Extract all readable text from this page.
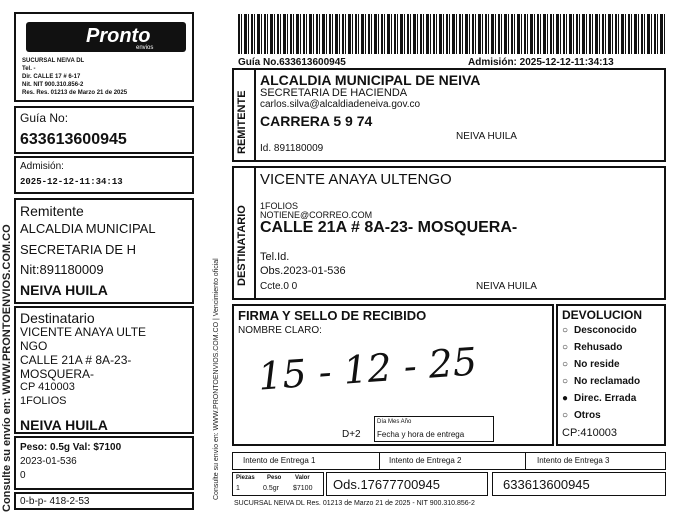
Consulte su envío en: WWW.PRONTOENVIOS.COM.CO
Pronto
envios
SUCURSAL NEIVA DL
Tel. -
Dir. CALLE 17 # 6-17
Nit. NIT 900.310.856-2
Res. Res. 01213 de Marzo 21 de 2025
Guía No:
633613600945
Admisión:
2025-12-12-11:34:13
Remitente
ALCALDIA MUNICIPAL
SECRETARIA DE H
Nit:891180009
NEIVA HUILA
Destinatario
VICENTE ANAYA ULTE
NGO
CALLE 21A # 8A-23-
MOSQUERA-
CP 410003
1FOLIOS
NEIVA HUILA
Peso: 0.5g Val: $7100
2023-01-536
0
0-b-p- 418-2-53
Consulte su envío en: WWW.PRONTOENVIOS.COM.CO | Vencimiento oficial
Guía No.633613600945	Admisión: 2025-12-12-11:34:13
REMITENTE
ALCALDIA MUNICIPAL DE NEIVA
SECRETARIA DE HACIENDA
carlos.silva@alcaldiadeneiva.gov.co
CARRERA 5 9 74
NEIVA HUILA
Id. 891180009
DESTINATARIO
VICENTE ANAYA ULTENGO
1FOLIOS
NOTIENE@CORREO.COM
CALLE 21A # 8A-23- MOSQUERA-
Tel.Id.
Obs.2023-01-536
Ccte.0 0	NEIVA HUILA
FIRMA Y SELLO DE RECIBIDO
NOMBRE CLARO:
15 - 12 - 25
D+2
Día Mes Año
Fecha y hora de entrega
DEVOLUCION
○ Desconocido
○ Rehusado
○ No reside
○ No reclamado
● Direc. Errada
○ Otros
CP:410003
Intento de Entrega 1	Intento de Entrega 2	Intento de Entrega 3
Piezas Peso Valor
1	0.5gr $7100 Ods.17677700945	633613600945
SUCURSAL NEIVA DL Res. 01213 de Marzo 21 de 2025 - NIT 900.310.856-2
